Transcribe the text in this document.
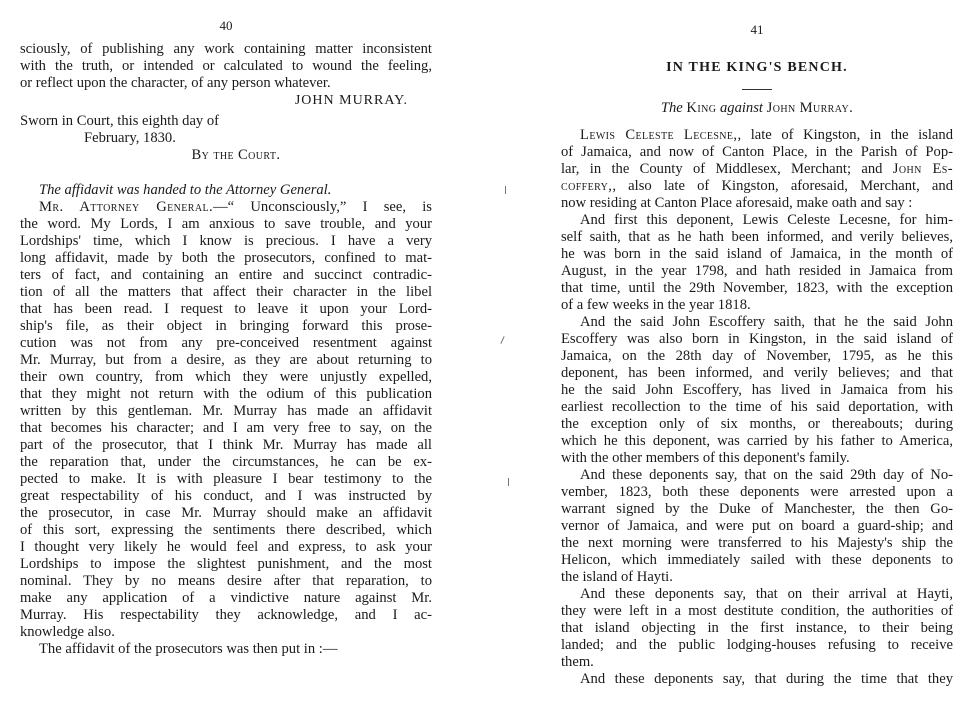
40
sciously, of publishing any work containing matter inconsistent
with the truth, or intended or calculated to wound the feeling,
or reflect upon the character, of any person whatever.
JOHN MURRAY.
Sworn in Court, this eighth day of
February, 1830.
By the Court.
The affidavit was handed to the Attorney General.
Mr. Attorney General.—“ Unconsciously,” I see, is
the word. My Lords, I am anxious to save trouble, and your
Lordships' time, which I know is precious. I have a very
long affidavit, made by both the prosecutors, confined to mat-
ters of fact, and containing an entire and succinct contradic-
tion of all the matters that affect their character in the libel
that has been read. I request to leave it upon your Lord-
ship's file, as their object in bringing forward this prose-
cution was not from any pre-conceived resentment against
Mr. Murray, but from a desire, as they are about returning to
their own country, from which they were unjustly expelled,
that they might not return with the odium of this publication
written by this gentleman. Mr. Murray has made an affidavit
that becomes his character; and I am very free to say, on the
part of the prosecutor, that I think Mr. Murray has made all
the reparation that, under the circumstances, he can be ex-
pected to make. It is with pleasure I bear testimony to the
great respectability of his conduct, and I was instructed by
the prosecutor, in case Mr. Murray should make an affidavit
of this sort, expressing the sentiments there described, which
I thought very likely he would feel and express, to ask your
Lordships to impose the slightest punishment, and the most
nominal. They by no means desire after that reparation, to
make any application of a vindictive nature against Mr.
Murray. His respectability they acknowledge, and I ac-
knowledge also.
The affidavit of the prosecutors was then put in :—
41
IN THE KING'S BENCH.
The King against John Murray.
Lewis Celeste Lecesne,, late of Kingston, in the island
of Jamaica, and now of Canton Place, in the Parish of Pop-
lar, in the County of Middlesex, Merchant; and John Es-
coffery,, also late of Kingston, aforesaid, Merchant, and
now residing at Canton Place aforesaid, make oath and say :
And first this deponent, Lewis Celeste Lecesne, for him-
self saith, that as he hath been informed, and verily believes,
he was born in the said island of Jamaica, in the month of
August, in the year 1798, and hath resided in Jamaica from
that time, until the 29th November, 1823, with the exception
of a few weeks in the year 1818.
And the said John Escoffery saith, that he the said John
Escoffery was also born in Kingston, in the said island of
Jamaica, on the 28th day of November, 1795, as he this
deponent, has been informed, and verily believes; and that
he the said John Escoffery, has lived in Jamaica from his
earliest recollection to the time of his said deportation, with
the exception only of six months, or thereabouts; during
which he this deponent, was carried by his father to America,
with the other members of this deponent's family.
And these deponents say, that on the said 29th day of No-
vember, 1823, both these deponents were arrested upon a
warrant signed by the Duke of Manchester, the then Go-
vernor of Jamaica, and were put on board a guard-ship; and
the next morning were transferred to his Majesty's ship the
Helicon, which immediately sailed with these deponents to
the island of Hayti.
And these deponents say, that on their arrival at Hayti,
they were left in a most destitute condition, the authorities of
that island objecting in the first instance, to their being
landed; and the public lodging-houses refusing to receive
them.
And these deponents say, that during the time that they
